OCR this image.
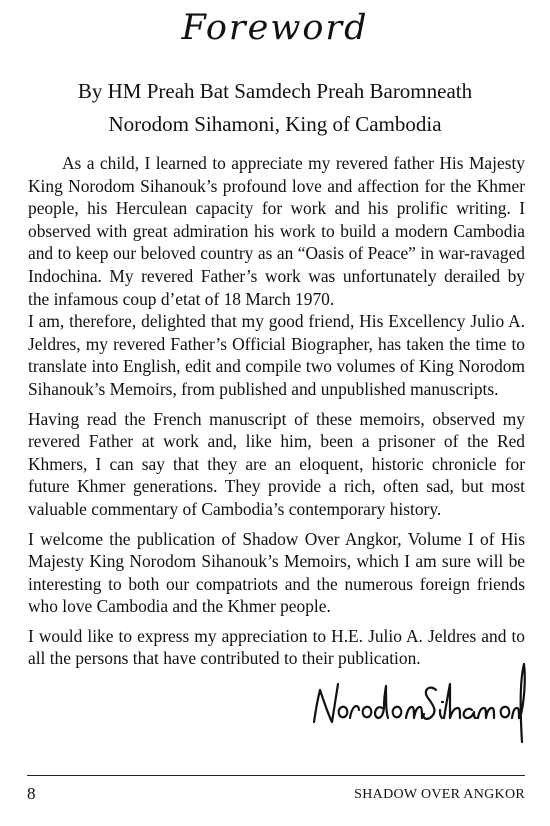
Foreword
By HM Preah Bat Samdech Preah Baromneath
Norodom Sihamoni, King of Cambodia

As a child, I learned to appreciate my revered father His Majesty King Norodom Sihanouk’s profound love and affection for the Khmer people, his Herculean capacity for work and his prolific writing. I observed with great admiration his work to build a modern Cambodia and to keep our beloved country as an “Oasis of Peace” in war-ravaged Indochina. My revered Father’s work was unfortunately derailed by the infamous coup d’etat of 18 March 1970.

I am, therefore, delighted that my good friend, His Excellency Julio A. Jeldres, my revered Father’s Official Biographer, has taken the time to translate into English, edit and compile two volumes of King Norodom Sihanouk’s Memoirs, from published and unpublished manuscripts.

Having read the French manuscript of these memoirs, observed my revered Father at work and, like him, been a prisoner of the Red Khmers, I can say that they are an eloquent, historic chronicle for future Khmer generations. They provide a rich, often sad, but most valuable commentary of Cambodia’s contemporary history.

I welcome the publication of Shadow Over Angkor, Volume I of His Majesty King Norodom Sihanouk’s Memoirs, which I am sure will be interesting to both our compatriots and the numerous foreign friends who love Cambodia and the Khmer people.

I would like to express my appreciation to H.E. Julio A. Jeldres and to all the persons that have contributed to their publication.

8	SHADOW OVER ANGKOR
